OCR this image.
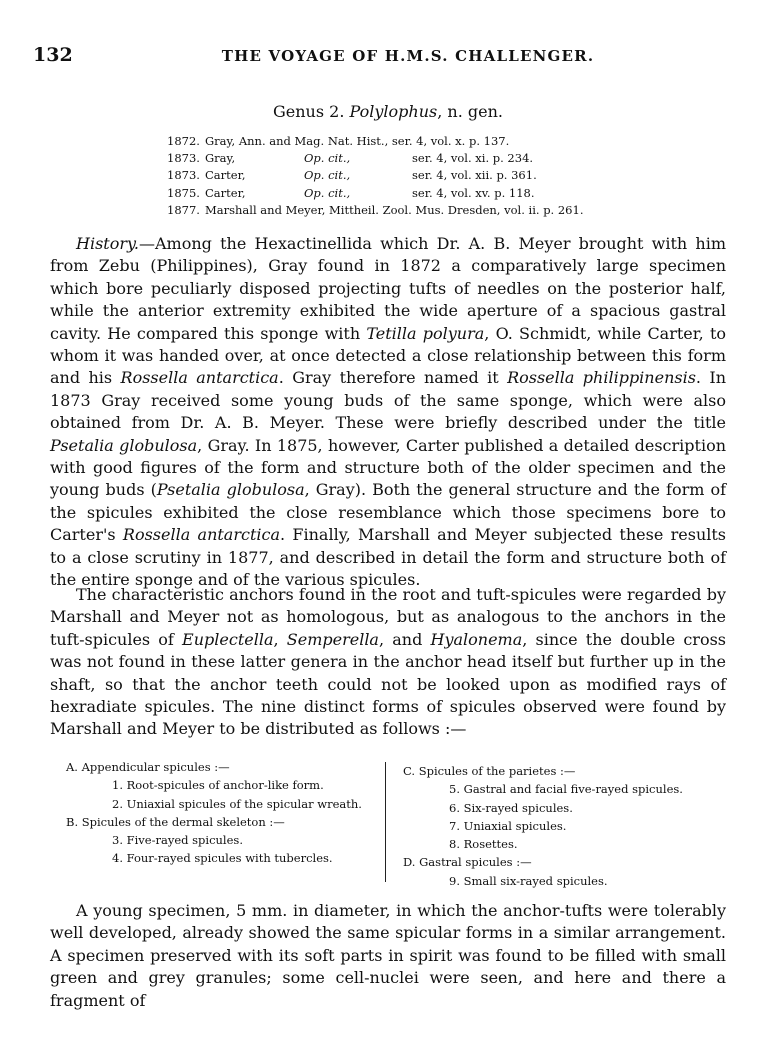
132	THE VOYAGE OF H.M.S. CHALLENGER.
Genus 2. Polylophus, n. gen.
1872. Gray, Ann. and Mag. Nat. Hist., ser. 4, vol. x. p. 137.
1873. Gray,	Op. cit.,	ser. 4, vol. xi. p. 234.
1873. Carter,	Op. cit.,	ser. 4, vol. xii. p. 361.
1875. Carter,	Op. cit.,	ser. 4, vol. xv. p. 118.
1877. Marshall and Meyer, Mittheil. Zool. Mus. Dresden, vol. ii. p. 261.

History.—Among the Hexactinellida which Dr. A. B. Meyer brought with him from Zebu (Philippines), Gray found in 1872 a comparatively large specimen which bore peculiarly disposed projecting tufts of needles on the posterior half, while the anterior extremity exhibited the wide aperture of a spacious gastral cavity. He compared this sponge with Tetilla polyura, O. Schmidt, while Carter, to whom it was handed over, at once detected a close relationship between this form and his Rossella antarctica. Gray therefore named it Rossella philippinensis. In 1873 Gray received some young buds of the same sponge, which were also obtained from Dr. A. B. Meyer. These were briefly described under the title Psetalia globulosa, Gray. In 1875, however, Carter published a detailed description with good figures of the form and structure both of the older specimen and the young buds (Psetalia globulosa, Gray). Both the general structure and the form of the spicules exhibited the close resemblance which those specimens bore to Carter's Rossella antarctica. Finally, Marshall and Meyer subjected these results to a close scrutiny in 1877, and described in detail the form and structure both of the entire sponge and of the various spicules.

The characteristic anchors found in the root and tuft-spicules were regarded by Marshall and Meyer not as homologous, but as analogous to the anchors in the tuft-spicules of Euplectella, Semperella, and Hyalonema, since the double cross was not found in these latter genera in the anchor head itself but further up in the shaft, so that the anchor teeth could not be looked upon as modified rays of hexradiate spicules. The nine distinct forms of spicules observed were found by Marshall and Meyer to be distributed as follows :—

A. Appendicular spicules :—
1. Root-spicules of anchor-like form.
2. Uniaxial spicules of the spicular wreath.
B. Spicules of the dermal skeleton :—
3. Five-rayed spicules.
4. Four-rayed spicules with tubercles.
C. Spicules of the parietes :—
5. Gastral and facial five-rayed spicules.
6. Six-rayed spicules.
7. Uniaxial spicules.
8. Rosettes.
D. Gastral spicules :—
9. Small six-rayed spicules.

A young specimen, 5 mm. in diameter, in which the anchor-tufts were tolerably well developed, already showed the same spicular forms in a similar arrangement. A specimen preserved with its soft parts in spirit was found to be filled with small green and grey granules; some cell-nuclei were seen, and here and there a fragment of
